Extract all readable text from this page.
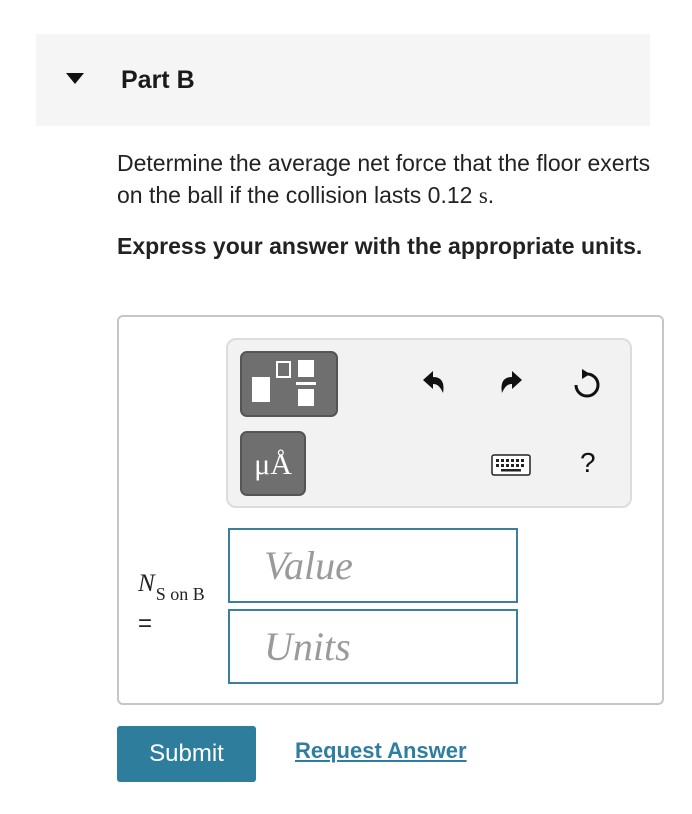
Part B
Determine the average net force that the floor exerts on the ball if the collision lasts 0.12 s.
Express your answer with the appropriate units.
μÅ	?
$N_{S on B}$
=
Value
Units
Submit	Request Answer
